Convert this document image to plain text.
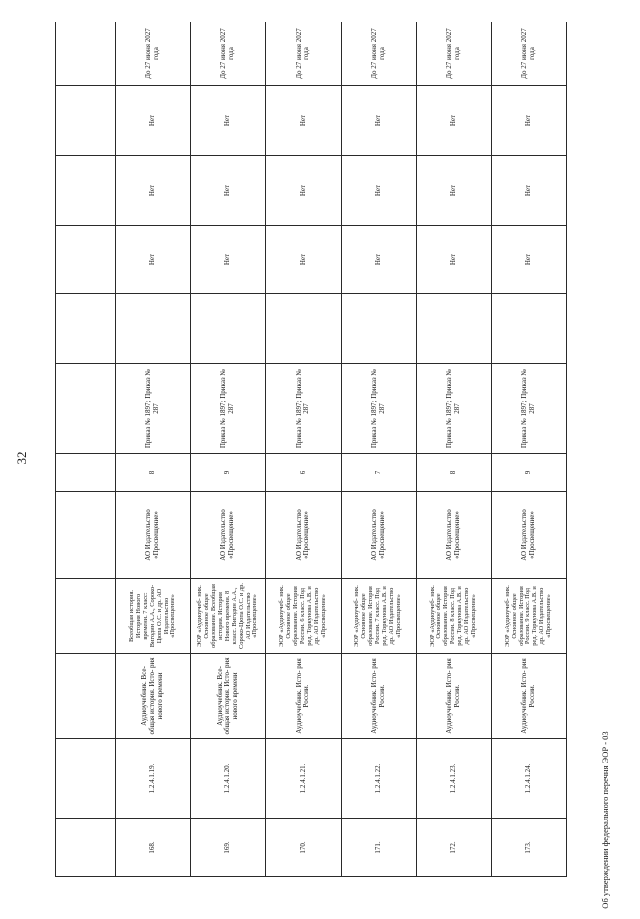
32

168.	1.2.4.1.19.	Аудиоучебник. Все- общая история. Исто- рия нового времени	Всеобщая история. История Нового времени. 7 класс: Вигодин А.А., Сороко-Цюпа О.С. и др. АО Издательство «Просвещение»	АО Издательство «Просвещение»	8	Приказ № 1897; Приказ № 287		Нет	Нет	Нет	До 27 июня 2027 года
169.	1.2.4.1.20.	Аудиоучебник. Все- общая история. Исто- рия нового времени	ЭОР «Аудиоучеб- ник. Основное общее образование. Всеобщая история. История Нового времени. 8 класс. Вигодин А.А., Сороко-Цюпа О.С. и др. АО Издательство «Просвещение»	АО Издательство «Просвещение»	9	Приказ № 1897; Приказ № 287		Нет	Нет	Нет	До 27 июня 2027 года
170.	1.2.4.1.21.	Аудиоучебник. Исто- рия России.	ЭОР «Аудиоучеб- ник. Основное общее образование. История России. 6 класс. Под ред. Торкунова А.В. и др. АО Издательство «Просвещение»	АО Издательство «Просвещение»	6	Приказ № 1897; Приказ № 287		Нет	Нет	Нет	До 27 июня 2027 года
171.	1.2.4.1.22.	Аудиоучебник. Исто- рия России.	ЭОР «Аудиоучеб- ник. Основное общее образование. История России. 7 класс. Под ред. Торкунова А.В. и др. АО Издательство «Просвещение»	АО Издательство «Просвещение»	7	Приказ № 1897; Приказ № 287		Нет	Нет	Нет	До 27 июня 2027 года
172.	1.2.4.1.23.	Аудиоучебник. Исто- рия России.	ЭОР «Аудиоучеб- ник. Основное общее образование. История России. 8 класс. Под ред. Торкунова А.В. и др. АО Издательство «Просвещение»	АО Издательство «Просвещение»	8	Приказ № 1897; Приказ № 287		Нет	Нет	Нет	До 27 июня 2027 года
173.	1.2.4.1.24.	Аудиоучебник. Исто- рия России.	ЭОР «Аудиоучеб- ник. Основное общее образование. История России. 9 класс. Под ред. Торкунова А.В. и др. АО Издательство «Просвещение»	АО Издательство «Просвещение»	9	Приказ № 1897; Приказ № 287		Нет	Нет	Нет	До 27 июня 2027 года
Об утверждении федерального перечня ЭОР - 03
